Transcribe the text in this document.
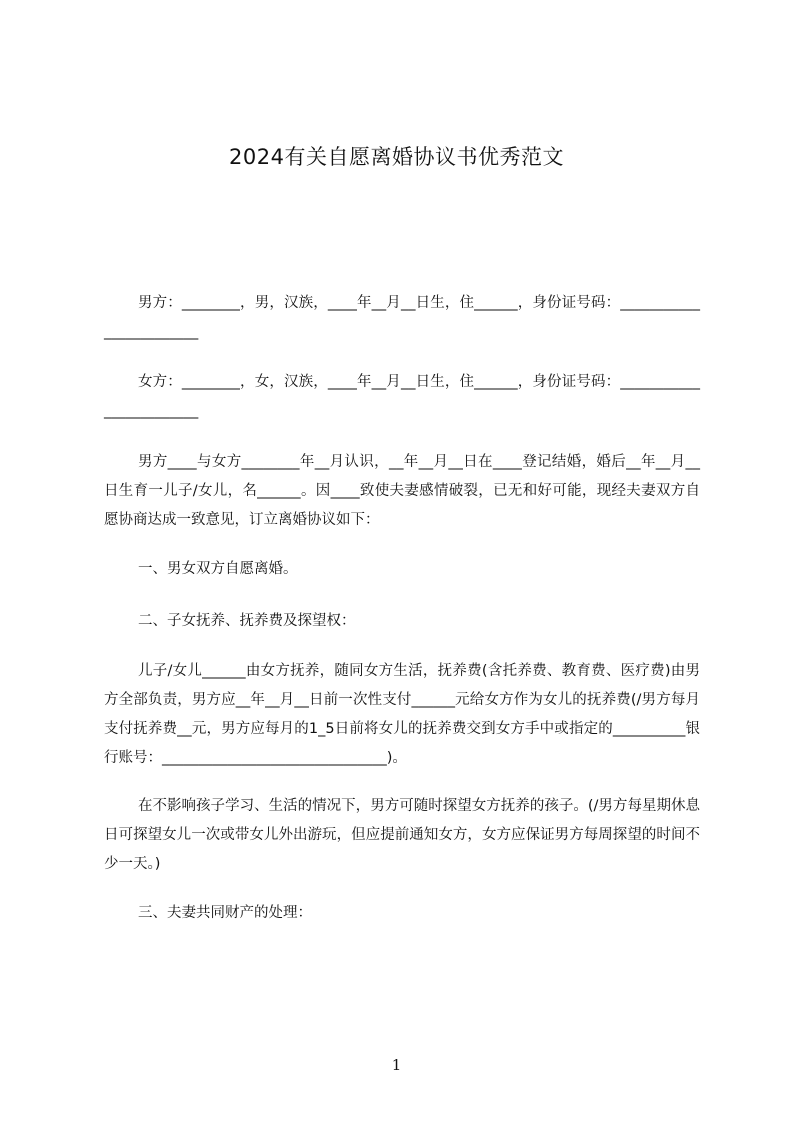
2024有关自愿离婚协议书优秀范文
男方：________，男，汉族，____年__月__日生，住______，身份证号码：________________________
女方：________，女，汉族，____年__月__日生，住______，身份证号码：________________________
男方____与女方________年__月认识，__年__月__日在____登记结婚，婚后__年__月__日生育一儿子/女儿，名______。因____致使夫妻感情破裂，已无和好可能，现经夫妻双方自愿协商达成一致意见，订立离婚协议如下：
一、男女双方自愿离婚。
二、子女抚养、抚养费及探望权：
儿子/女儿______由女方抚养，随同女方生活，抚养费(含托养费、教育费、医疗费)由男方全部负责，男方应__年__月__日前一次性支付______元给女方作为女儿的抚养费(/男方每月支付抚养费__元，男方应每月的1_5日前将女儿的抚养费交到女方手中或指定的__________银行账号：_______________________________)。
在不影响孩子学习、生活的情况下，男方可随时探望女方抚养的孩子。(/男方每星期休息日可探望女儿一次或带女儿外出游玩，但应提前通知女方，女方应保证男方每周探望的时间不少一天。)
三、夫妻共同财产的处理：
1
